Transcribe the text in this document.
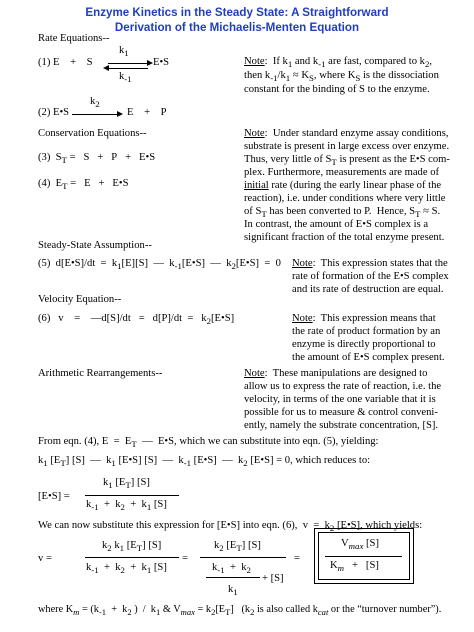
Enzyme Kinetics in the Steady State: A Straightforward
Derivation of the Michaelis-Menten Equation
Rate Equations--
(1) E    +    S
$k_1$
$k_{-1}$
E•S
(2) E•S
$k_2$
E    +    P
Note:  If $k_1$ and $k_{-1}$ are fast, compared to $k_2$,
then $k_{-1}/k_1 \approx K_S$, where $K_S$ is the dissociation
constant for the binding of S to the enzyme.
Conservation Equations--
(3)  $S_T = S + P$   +   E•S
(4)  $E_T = E$   +   E•S
Note:  Under standard enzyme assay conditions,
substrate is present in large excess over enzyme.
Thus, very little of $S_T$ is present as the E•S com-
plex. Furthermore, measurements are made of
initial rate (during the early linear phase of the
reaction), i.e. under conditions where very little
of $S_T$ has been converted to P.  Hence, $S_T \approx S$.
In contrast, the amount of E•S complex is a
significant fraction of the total enzyme present.
Steady-State Assumption--
(5)  d[E•S]/dt  =  $k_1[E][S]$  —  $k_{-1}[E•S]$  —  $k_2[E•S] = 0$ Note:  This expression states that the
rate of formation of the E•S complex
and its rate of destruction are equal.
Velocity Equation--
(6)   v    =    —d[S]/dt   =   $d[P]/dt = k_2[E•S]$	Note:  This expression means that
the rate of product formation by an
enzyme is directly proportional to
the amount of E•S complex present.
Arithmetic Rearrangements--	Note:  These manipulations are designed to
allow us to express the rate of reaction, i.e. the
velocity, in terms of the one variable that it is
possible for us to measure & control conveni-
ently, namely the substrate concentration, [S].
From eqn. (4), $E = E_T$  —  E•S, which we can substitute into eqn. (5), yielding:
$k_1$ $[E_T]$ [S]  —  $k_1$ [E•S] [S]  —  $k_{-1}$ [E•S]  —  $k_2$ [E•S] = 0, which reduces to:
[E•S] =
$k_1$ $[E_T]$ [S]
$k_{-1} + k_2 + k_1$ [S]
We can now substitute this expression for [E•S] into eqn. (6),  $v = k_2$ [E•S], which yields:
v =
$k_2$ $k_1$ $[E_T]$ [S]
$k_{-1} + k_2 + k_1$ [S]
=
$k_2$ $[E_T]$ [S]
$k_{-1} + k_2$
+ [S]
$k_1$
=
$V_{max}$ [S]
$K_m + [S]$
where $K_m = (k_{-1} + k_2$ )  /  $k_1$ & $V_{max} = k_2[E_T]$   ($k_2$ is also called $k_{cat}$ or the “turnover number”).
